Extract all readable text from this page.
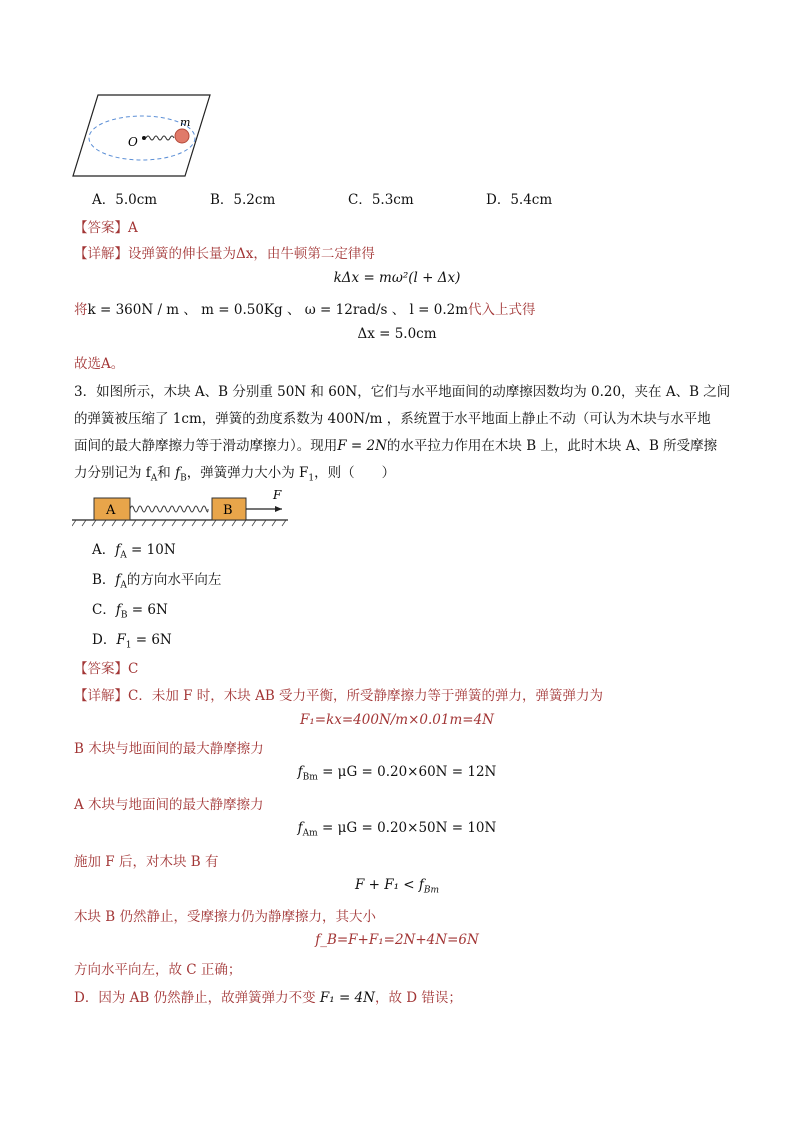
O
m
A．5.0cm	B．5.2cm	C．5.3cm	D．5.4cm
【答案】A
【详解】设弹簧的伸长量为Δx，由牛顿第二定律得
kΔx = mω²(l + Δx)
将k = 360N / m 、 m = 0.50Kg 、 ω = 12rad/s 、 l = 0.2m代入上式得
Δx = 5.0cm
故选A。
3．如图所示，木块 A、B 分别重 50N 和 60N，它们与水平地面间的动摩擦因数均为 0.20，夹在 A、B 之间
的弹簧被压缩了 1cm，弹簧的劲度系数为 400N/m ，系统置于水平地面上静止不动（可认为木块与水平地
面间的最大静摩擦力等于滑动摩擦力）。现用F = 2N的水平拉力作用在木块 B 上，此时木块 A、B 所受摩擦
力分别记为 $f_A$和 $f_B$，弹簧弹力大小为 $F_1$，则（　　）
A	B
F
A．$f_A = 10N$
B．$f_A$的方向水平向左
C．$f_B = 6N$
D．$F_1 = 6N$
【答案】C
【详解】C．未加 F 时，木块 AB 受力平衡，所受静摩擦力等于弹簧的弹力，弹簧弹力为
F₁=kx=400N/m×0.01m=4N
B 木块与地面间的最大静摩擦力
$f_{Bm} = \mu G = 0.20\times 60N = 12N$
A 木块与地面间的最大静摩擦力
$f_{Am} = \mu G = 0.20\times 50N = 10N$
施加 F 后，对木块 B 有
$F + F_1 < f_{Bm}$
木块 B 仍然静止，受摩擦力仍为静摩擦力，其大小
f_B=F+F₁=2N+4N=6N
方向水平向左，故 C 正确；
D．因为 AB 仍然静止，故弹簧弹力不变 F₁ = 4N，故 D 错误；
